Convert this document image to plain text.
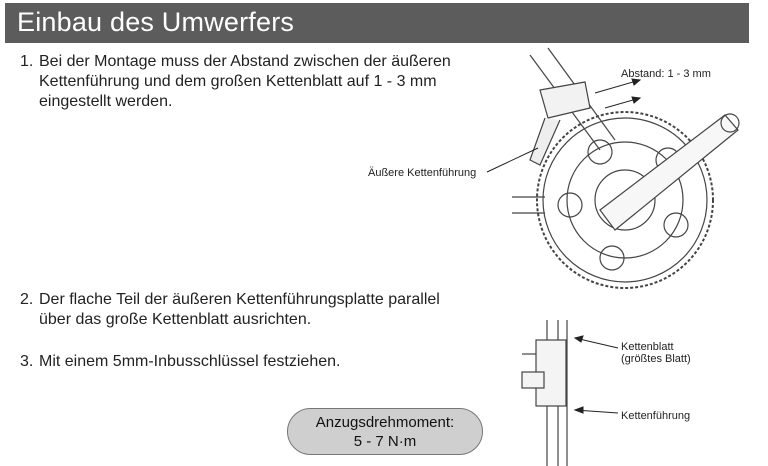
Einbau des Umwerfers
1. Bei der Montage muss der Abstand zwischen der äußeren
Kettenführung und dem großen Kettenblatt auf 1 - 3 mm
eingestellt werden.
2. Der flache Teil der äußeren Kettenführungsplatte parallel
über das große Kettenblatt ausrichten.
3. Mit einem 5mm-Inbusschlüssel festziehen.
Anzugsdrehmoment:
5 - 7 N·m
Abstand: 1 - 3 mm
Äußere Kettenführung
Kettenblatt
(größtes Blatt)
Kettenführung
